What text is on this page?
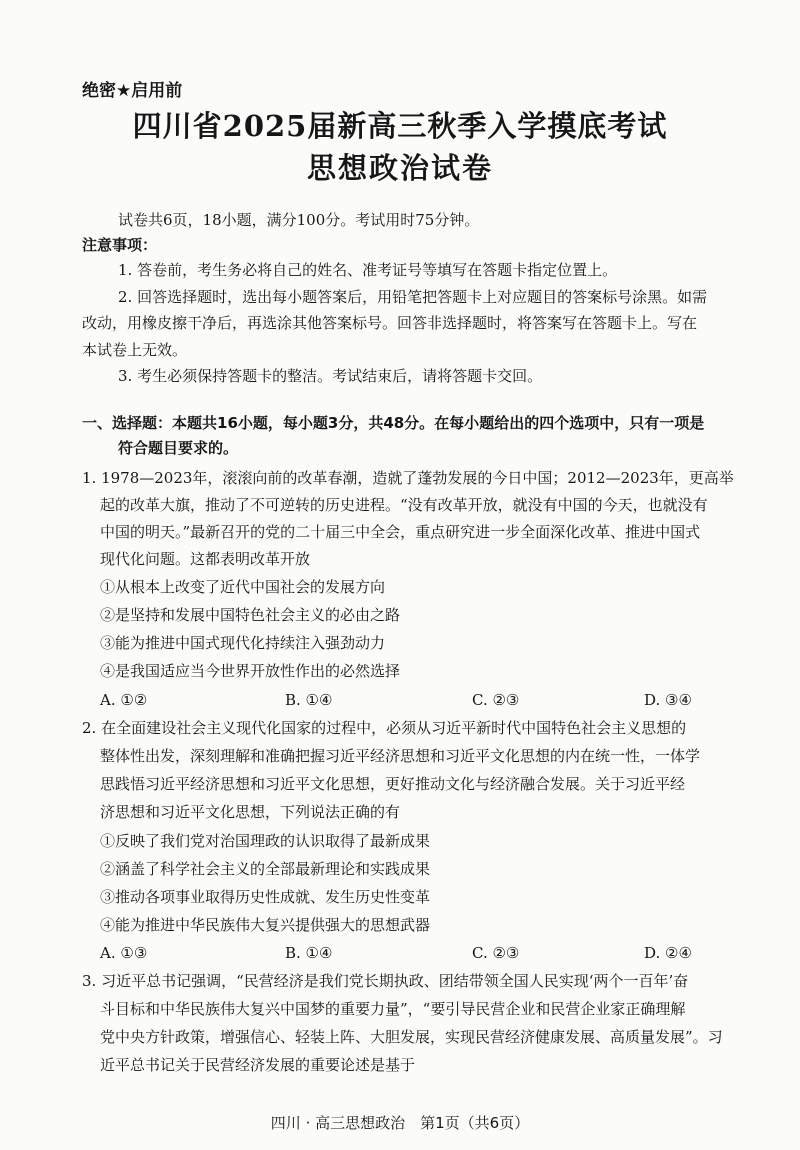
绝密★启用前
四川省2025届新高三秋季入学摸底考试
思想政治试卷
试卷共6页，18小题，满分100分。考试用时75分钟。
注意事项：
1. 答卷前，考生务必将自己的姓名、准考证号等填写在答题卡指定位置上。
2. 回答选择题时，选出每小题答案后，用铅笔把答题卡上对应题目的答案标号涂黑。如需
改动，用橡皮擦干净后，再选涂其他答案标号。回答非选择题时，将答案写在答题卡上。写在
本试卷上无效。
3. 考生必须保持答题卡的整洁。考试结束后，请将答题卡交回。
一、选择题：本题共16小题，每小题3分，共48分。在每小题给出的四个选项中，只有一项是
符合题目要求的。
1. 1978—2023年，滚滚向前的改革春潮，造就了蓬勃发展的今日中国；2012—2023年，更高举
起的改革大旗，推动了不可逆转的历史进程。“没有改革开放，就没有中国的今天，也就没有
中国的明天。”最新召开的党的二十届三中全会，重点研究进一步全面深化改革、推进中国式
现代化问题。这都表明改革开放
①从根本上改变了近代中国社会的发展方向
②是坚持和发展中国特色社会主义的必由之路
③能为推进中国式现代化持续注入强劲动力
④是我国适应当今世界开放性作出的必然选择
A. ①②	B. ①④	C. ②③	D. ③④
2. 在全面建设社会主义现代化国家的过程中，必须从习近平新时代中国特色社会主义思想的
整体性出发，深刻理解和准确把握习近平经济思想和习近平文化思想的内在统一性，一体学
思践悟习近平经济思想和习近平文化思想，更好推动文化与经济融合发展。关于习近平经
济思想和习近平文化思想，下列说法正确的有
①反映了我们党对治国理政的认识取得了最新成果
②涵盖了科学社会主义的全部最新理论和实践成果
③推动各项事业取得历史性成就、发生历史性变革
④能为推进中华民族伟大复兴提供强大的思想武器
A. ①③	B. ①④	C. ②③	D. ②④
3. 习近平总书记强调，“民营经济是我们党长期执政、团结带领全国人民实现‘两个一百年’奋
斗目标和中华民族伟大复兴中国梦的重要力量”，“要引导民营企业和民营企业家正确理解
党中央方针政策，增强信心、轻装上阵、大胆发展，实现民营经济健康发展、高质量发展”。习
近平总书记关于民营经济发展的重要论述是基于
四川 · 高三思想政治　第1页（共6页）
